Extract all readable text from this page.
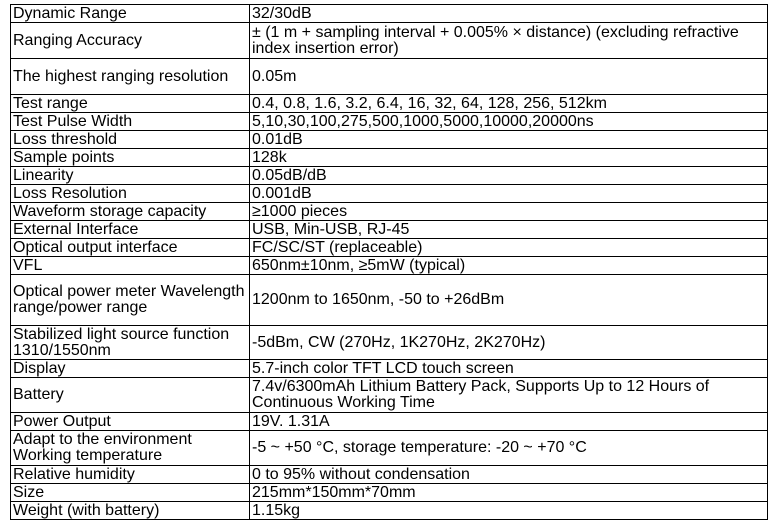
Dynamic Range	32/30dB
Ranging Accuracy	± (1 m + sampling interval + 0.005% × distance) (excluding refractive index insertion error)
The highest ranging resolution	0.05m
Test range	0.4, 0.8, 1.6, 3.2, 6.4, 16, 32, 64, 128, 256, 512km
Test Pulse Width	5,10,30,100,275,500,1000,5000,10000,20000ns
Loss threshold	0.01dB
Sample points	128k
Linearity	0.05dB/dB
Loss Resolution	0.001dB
Waveform storage capacity	≥1000 pieces
External Interface	USB, Min-USB, RJ-45
Optical output interface	FC/SC/ST (replaceable)
VFL	650nm±10nm, ≥5mW (typical)
Optical power meter Wavelength range/power range	1200nm to 1650nm, -50 to +26dBm
Stabilized light source function 1310/1550nm	-5dBm, CW (270Hz, 1K270Hz, 2K270Hz)
Display	5.7-inch color TFT LCD touch screen
Battery	7.4v/6300mAh Lithium Battery Pack, Supports Up to 12 Hours of Continuous Working Time
Power Output	19V. 1.31A
Adapt to the environment Working temperature	-5 ~ +50 °C, storage temperature: -20 ~ +70 °C
Relative humidity	0 to 95% without condensation
Size	215mm*150mm*70mm
Weight (with battery)	1.15kg
